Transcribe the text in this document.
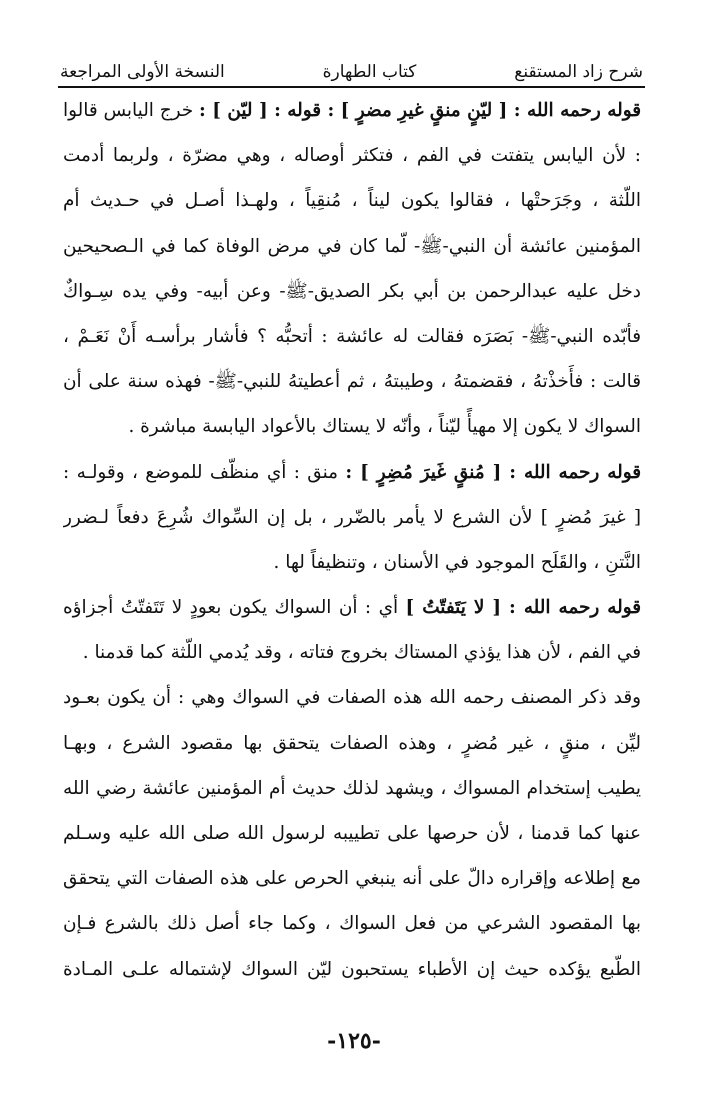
شرح زاد المستقنع
كتاب الطهارة
النسخة الأولى المراجعة
قوله رحمه الله : [ ليّنٍ منقٍ غيرِ مضرٍ ] : قوله : [ ليّن ] : خرج اليابس قالوا
: لأن اليابس يتفتت في الفم ، فتكثر أوصاله ، وهي مضرّة ، ولربما أدمت
اللّثة ، وجَرَحتْها ، فقالوا يكون ليناً ، مُنقِياً ، ولهـذا أصـل في حـديث أم
المؤمنين عائشة أن النبي-ﷺ- لّما كان في مرض الوفاة كما في الـصحيحين
دخل عليه عبدالرحمن بن أبي بكر الصديق-ﷺ- وعن أبيه- وفي يده سِـواكٌ
فأبّده النبي-ﷺ- بَصَرَه فقالت له عائشة : أتحبُّه ؟ فأشار برأسـه أَنْ نَعَـمْ ،
قالت : فأَخذْتهُ ، فقضمتهُ ، وطيبتهُ ، ثم أعطيتهُ للنبي-ﷺ- فهذه سنة على أن
السواك لا يكون إلا مهيأً ليّناً ، وأنّه لا يستاك بالأعواد اليابسة مباشرة .
قوله رحمه الله : [ مُنقٍ غَيرَ مُضِرٍ ] : منق : أي منظّف للموضع ، وقولـه :
[ غيرَ مُضرٍ ] لأن الشرع لا يأمر بالضّرر ، بل إن السِّواك شُرِعَ دفعاً لـضرر
النَّتنِ ، والقَلَح الموجود في الأسنان ، وتنظيفاً لها .
قوله رحمه الله : [ لا يَتَفتّتُ ] أي : أن السواك يكون بعودٍ لا تَتَفتّتُ أجزاؤه
في الفم ، لأن هذا يؤذي المستاك بخروج فتاته ، وقد يُدمي اللّثة كما قدمنا .
وقد ذكر المصنف رحمه الله هذه الصفات في السواك وهي : أن يكون بعـود
ليِّن ، منقٍ ، غير مُضرٍ ، وهذه الصفات يتحقق بها مقصود الشرع ، وبهـا
يطيب إستخدام المسواك ، ويشهد لذلك حديث أم المؤمنين عائشة رضي الله
عنها كما قدمنا ، لأن حرصها على تطييبه لرسول الله صلى الله عليه وسـلم
مع إطلاعه وإقراره دالّ على أنه ينبغي الحرص على هذه الصفات التي يتحقق
بها المقصود الشرعي من فعل السواك ، وكما جاء أصل ذلك بالشرع فـإن
الطّبع يؤكده حيث إن الأطباء يستحبون ليّن السواك لإشتماله علـى المـادة
-١٢٥-
